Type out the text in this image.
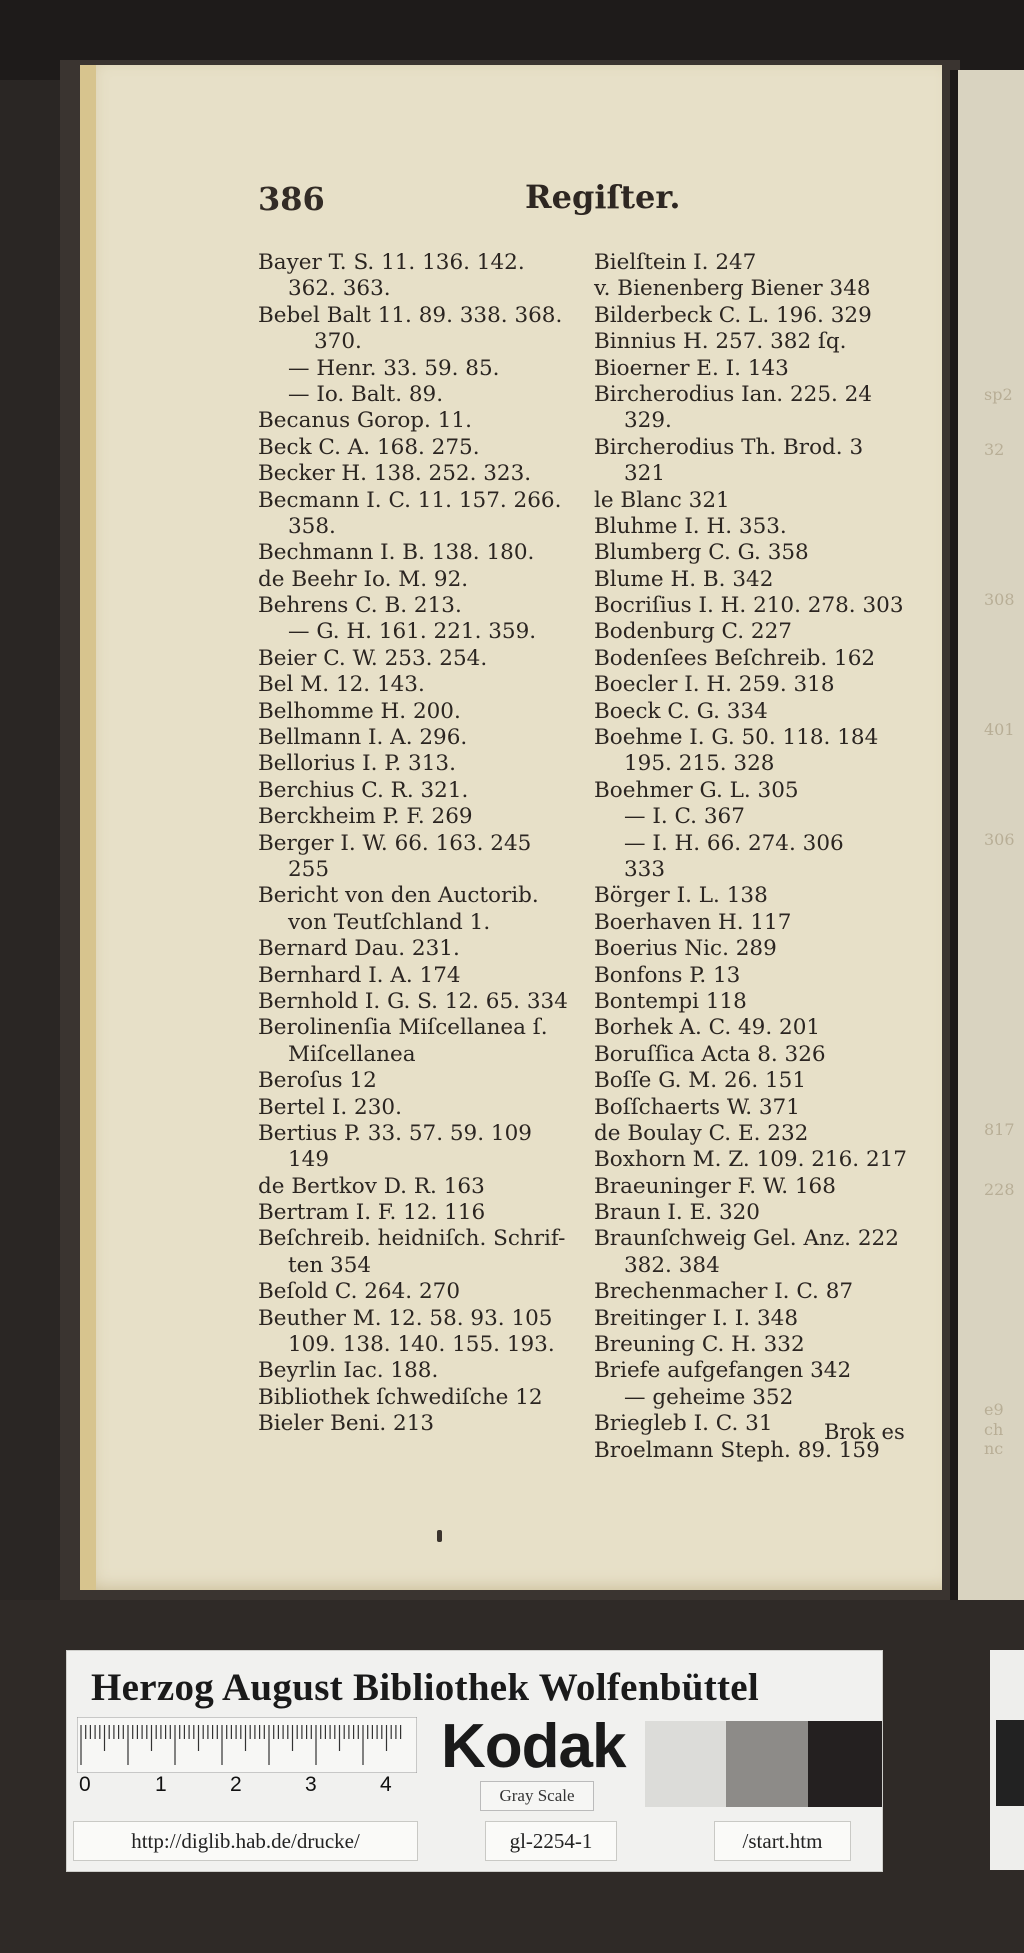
sp2
32
308
401
306
817
228
e9
ch nc
386	Regiſter.
Bayer T. S. 11. 136. 142.
362. 363.
Bebel Balt 11. 89. 338. 368.
370.
— Henr. 33. 59. 85.
— Io. Balt. 89.
Becanus Gorop. 11.
Beck C. A. 168. 275.
Becker H. 138. 252. 323.
Becmann I. C. 11. 157. 266.
358.
Bechmann I. B. 138. 180.
de Beehr Io. M. 92.
Behrens C. B. 213.
— G. H. 161. 221. 359.
Beier C. W. 253. 254.
Bel M. 12. 143.
Belhomme H. 200.
Bellmann I. A. 296.
Bellorius I. P. 313.
Berchius C. R. 321.
Berckheim P. F. 269
Berger I. W. 66. 163. 245
255
Bericht von den Auctorib.
von Teutſchland 1.
Bernard Dau. 231.
Bernhard I. A. 174
Bernhold I. G. S. 12. 65. 334
Berolinenſia Miſcellanea ſ.
Miſcellanea
Beroſus 12
Bertel I. 230.
Bertius P. 33. 57. 59. 109
149
de Bertkov D. R. 163
Bertram I. F. 12. 116
Beſchreib. heidniſch. Schrif-
ten 354
Beſold C. 264. 270
Beuther M. 12. 58. 93. 105
109. 138. 140. 155. 193.
Beyrlin Iac. 188.
Bibliothek ſchwediſche 12
Bieler Beni. 213
Bielſtein I. 247
v. Bienenberg Biener 348
Bilderbeck C. L. 196. 329
Binnius H. 257. 382 ſq.
Bioerner E. I. 143
Bircherodius Ian. 225. 24
329.
Bircherodius Th. Brod. 3
321
le Blanc 321
Bluhme I. H. 353.
Blumberg C. G. 358
Blume H. B. 342
Bocriſius I. H. 210. 278. 303
Bodenburg C. 227
Bodenſees Beſchreib. 162
Boecler I. H. 259. 318
Boeck C. G. 334
Boehme I. G. 50. 118. 184
195. 215. 328
Boehmer G. L. 305
— I. C. 367
— I. H. 66. 274. 306
333
Börger I. L. 138
Boerhaven H. 117
Boerius Nic. 289
Bonfons P. 13
Bontempi 118
Borhek A. C. 49. 201
Boruſſica Acta 8. 326
Boſſe G. M. 26. 151
Boſſchaerts W. 371
de Boulay C. E. 232
Boxhorn M. Z. 109. 216. 217
Braeuninger F. W. 168
Braun I. E. 320
Braunſchweig Gel. Anz. 222
382. 384
Brechenmacher I. C. 87
Breitinger I. I. 348
Breuning C. H. 332
Briefe aufgefangen 342
— geheime 352
Briegleb I. C. 31
Broelmann Steph. 89. 159
Brok es
Herzog August Bibliothek Wolfenbüttel
0	1	2	3	4
Kodak
Gray Scale
http://diglib.hab.de/drucke/	gl-2254-1	/start.htm
